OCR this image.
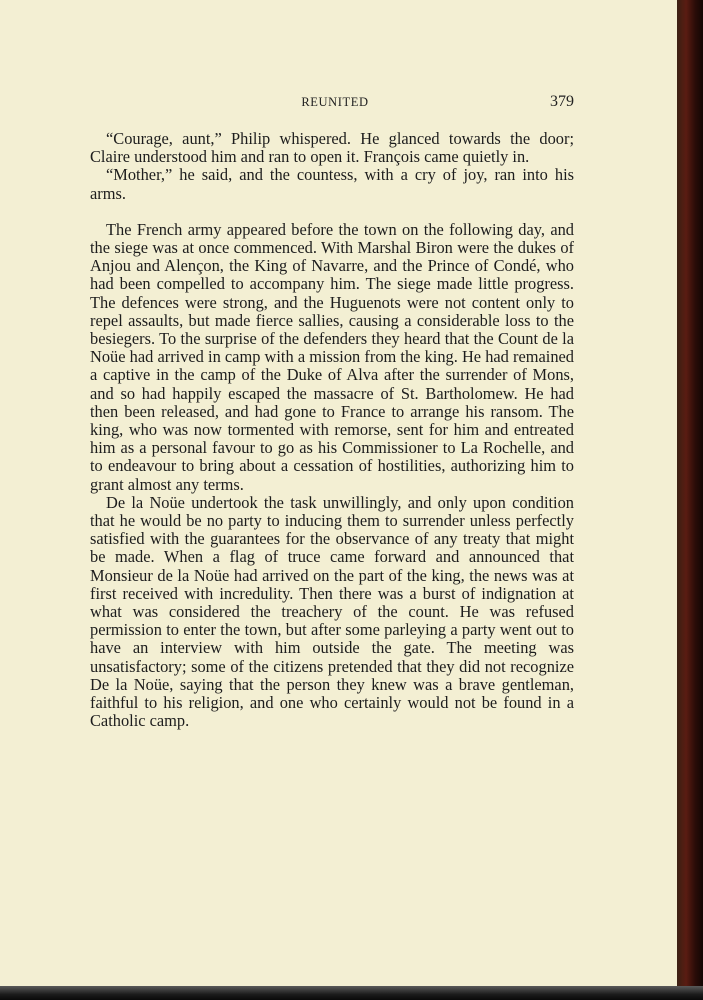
REUNITED	379

“Courage, aunt,” Philip whispered. He glanced towards the door; Claire understood him and ran to open it. François came quietly in.

“Mother,” he said, and the countess, with a cry of joy, ran into his arms.

The French army appeared before the town on the following day, and the siege was at once commenced. With Marshal Biron were the dukes of Anjou and Alençon, the King of Navarre, and the Prince of Condé, who had been compelled to accompany him. The siege made little progress. The defences were strong, and the Huguenots were not content only to repel assaults, but made fierce sallies, causing a considerable loss to the besiegers. To the surprise of the defenders they heard that the Count de la Noüe had arrived in camp with a mission from the king. He had remained a captive in the camp of the Duke of Alva after the surrender of Mons, and so had happily escaped the massacre of St. Bartholomew. He had then been released, and had gone to France to arrange his ransom. The king, who was now tormented with remorse, sent for him and entreated him as a personal favour to go as his Commissioner to La Rochelle, and to endeavour to bring about a cessation of hostilities, authorizing him to grant almost any terms.

De la Noüe undertook the task unwillingly, and only upon condition that he would be no party to inducing them to surrender unless perfectly satisfied with the guarantees for the observance of any treaty that might be made. When a flag of truce came forward and announced that Monsieur de la Noüe had arrived on the part of the king, the news was at first received with incredulity. Then there was a burst of indignation at what was considered the treachery of the count. He was refused permission to enter the town, but after some parleying a party went out to have an interview with him outside the gate. The meeting was unsatisfactory; some of the citizens pretended that they did not recognize De la Noüe, saying that the person they knew was a brave gentleman, faithful to his religion, and one who certainly would not be found in a Catholic camp.
